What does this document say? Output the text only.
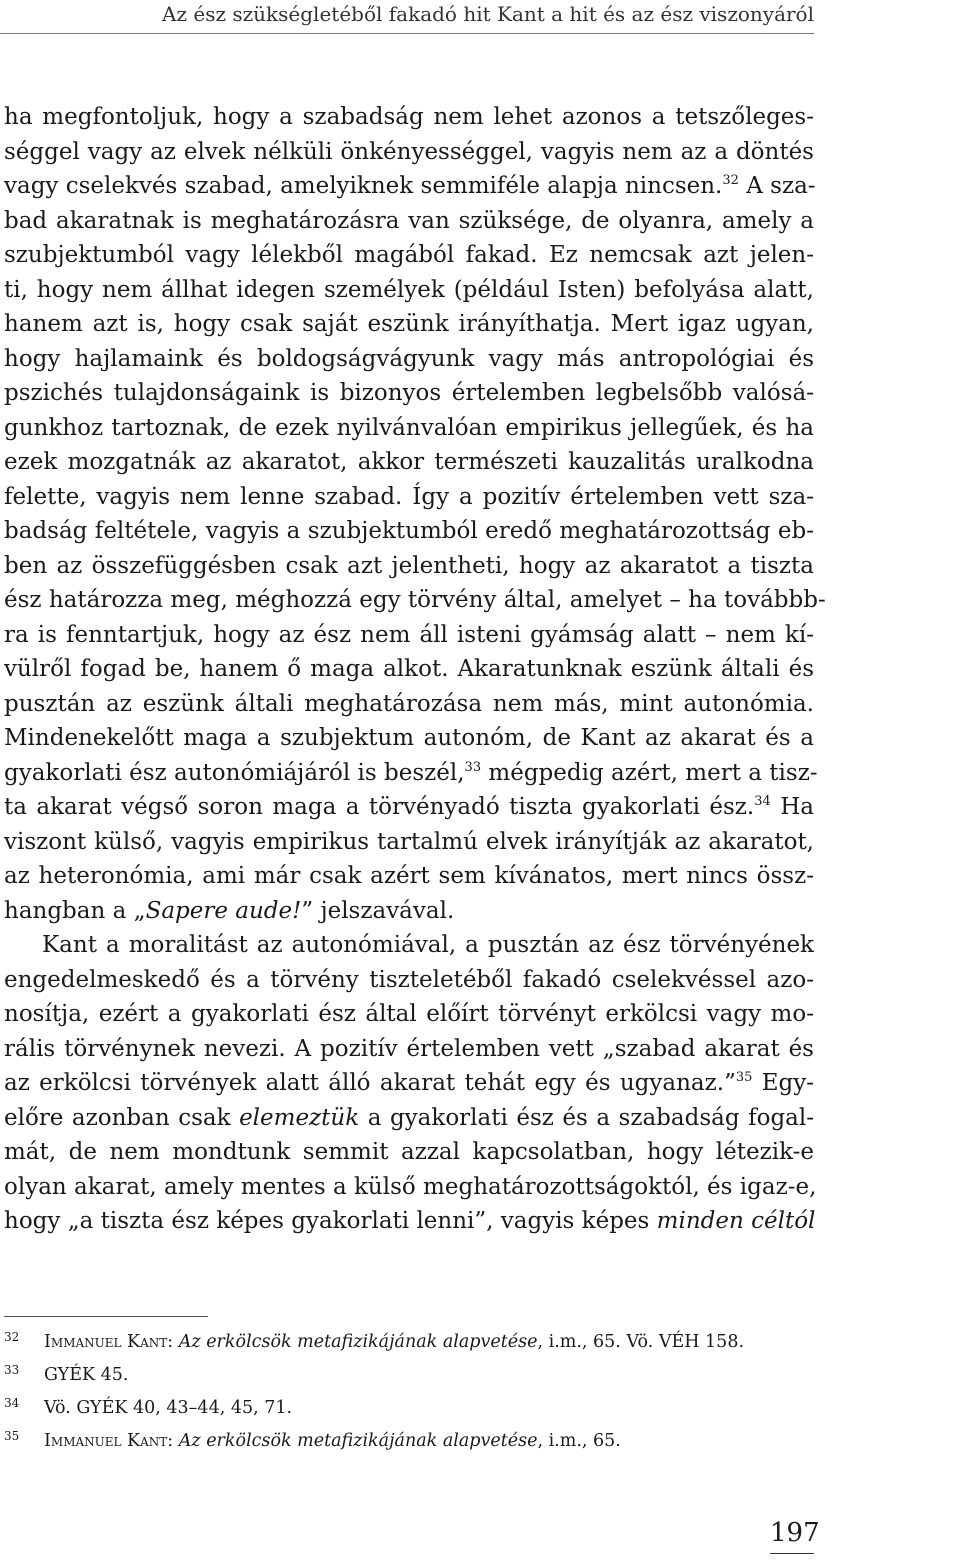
Az ész szükségletéből fakadó hit Kant a hit és az ész viszonyáról
ha megfontoljuk, hogy a szabadság nem lehet azonos a tetszőleges-
séggel vagy az elvek nélküli önkényességgel, vagyis nem az a döntés
vagy cselekvés szabad, amelyiknek semmiféle alapja nincsen.$^{32}$ A sza-
bad akaratnak is meghatározásra van szüksége, de olyanra, amely a
szubjektumból vagy lélekből magából fakad. Ez nemcsak azt jelen-
ti, hogy nem állhat idegen személyek (például Isten) befolyása alatt,
hanem azt is, hogy csak saját eszünk irányíthatja. Mert igaz ugyan,
hogy hajlamaink és boldogságvágyunk vagy más antropológiai és
pszichés tulajdonságaink is bizonyos értelemben legbelsőbb valósá-
gunkhoz tartoznak, de ezek nyilvánvalóan empirikus jellegűek, és ha
ezek mozgatnák az akaratot, akkor természeti kauzalitás uralkodna
felette, vagyis nem lenne szabad. Így a pozitív értelemben vett sza-
badság feltétele, vagyis a szubjektumból eredő meghatározottság eb-
ben az összefüggésben csak azt jelentheti, hogy az akaratot a tiszta
ész határozza meg, méghozzá egy törvény által, amelyet – ha továbbb-
ra is fenntartjuk, hogy az ész nem áll isteni gyámság alatt – nem kí-
vülről fogad be, hanem ő maga alkot. Akaratunknak eszünk általi és
pusztán az eszünk általi meghatározása nem más, mint autonómia.
Mindenekelőtt maga a szubjektum autonóm, de Kant az akarat és a
gyakorlati ész autonómiájáról is beszél,$^{33}$ mégpedig azért, mert a tisz-
ta akarat végső soron maga a törvényadó tiszta gyakorlati ész.$^{34}$ Ha
viszont külső, vagyis empirikus tartalmú elvek irányítják az akaratot,
az heteronómia, ami már csak azért sem kívánatos, mert nincs össz-
hangban a „Sapere aude!” jelszavával.
Kant a moralitást az autonómiával, a pusztán az ész törvényének
engedelmeskedő és a törvény tiszteletéből fakadó cselekvéssel azo-
nosítja, ezért a gyakorlati ész által előírt törvényt erkölcsi vagy mo-
rális törvénynek nevezi. A pozitív értelemben vett „szabad akarat és
az erkölcsi törvények alatt álló akarat tehát egy és ugyanaz.”$^{35}$ Egy-
előre azonban csak elemeztük a gyakorlati ész és a szabadság fogal-
mát, de nem mondtunk semmit azzal kapcsolatban, hogy létezik-e
olyan akarat, amely mentes a külső meghatározottságoktól, és igaz-e,
hogy „a tiszta ész képes gyakorlati lenni”, vagyis képes minden céltól
32 Immanuel Kant: Az erkölcsök metafizikájának alapvetése, i.m., 65. Vö. VÉH 158.
33 GYÉK 45.
34 Vö. GYÉK 40, 43–44, 45, 71.
35 Immanuel Kant: Az erkölcsök metafizikájának alapvetése, i.m., 65.
197
